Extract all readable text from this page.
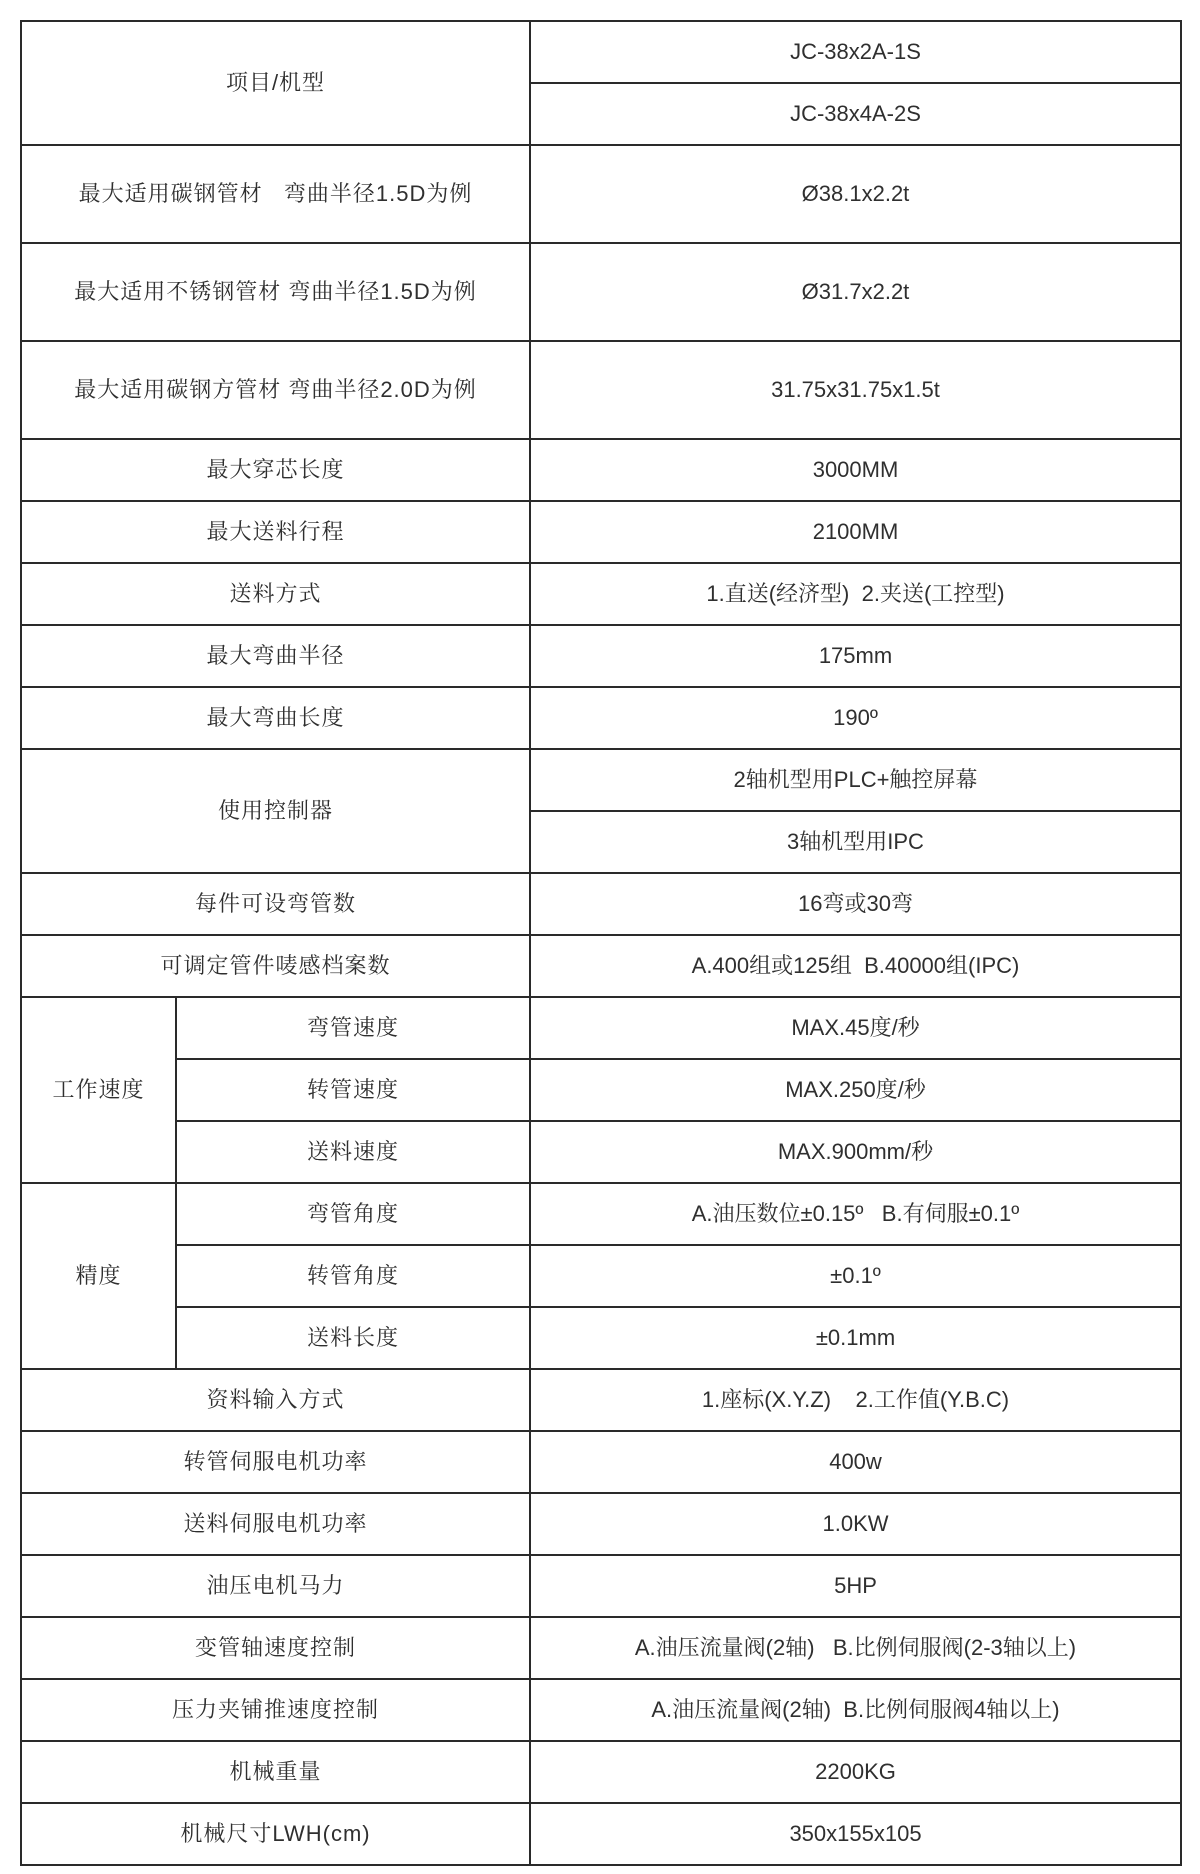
项目/机型		JC-38x2A-1S
		JC-38x4A-2S
最大适用碳钢管材   弯曲半径1.5D为例		Ø38.1x2.2t
最大适用不锈钢管材 弯曲半径1.5D为例		Ø31.7x2.2t
最大适用碳钢方管材 弯曲半径2.0D为例		31.75x31.75x1.5t
最大穿芯长度		3000MM
最大送料行程		2100MM
送料方式		1.直送(经济型)  2.夹送(工控型)
最大弯曲半径		175mm
最大弯曲长度		190º
使用控制器		2轴机型用PLC+触控屏幕
		3轴机型用IPC
每件可设弯管数		16弯或30弯
可调定管件唛感档案数		A.400组或125组  B.40000组(IPC)
工作速度	弯管速度	MAX.45度/秒
	转管速度	MAX.250度/秒
	送料速度	MAX.900mm/秒
精度	弯管角度	A.油压数位±0.15º   B.有伺服±0.1º
	转管角度	±0.1º
	送料长度	±0.1mm
资料输入方式		1.座标(X.Y.Z)    2.工作值(Y.B.C)
转管伺服电机功率		400w
送料伺服电机功率		1.0KW
油压电机马力		5HP
变管轴速度控制		A.油压流量阀(2轴)   B.比例伺服阀(2-3轴以上)
压力夹铺推速度控制		A.油压流量阀(2轴)  B.比例伺服阀4轴以上)
机械重量		2200KG
机械尺寸LWH(cm)		350x155x105
